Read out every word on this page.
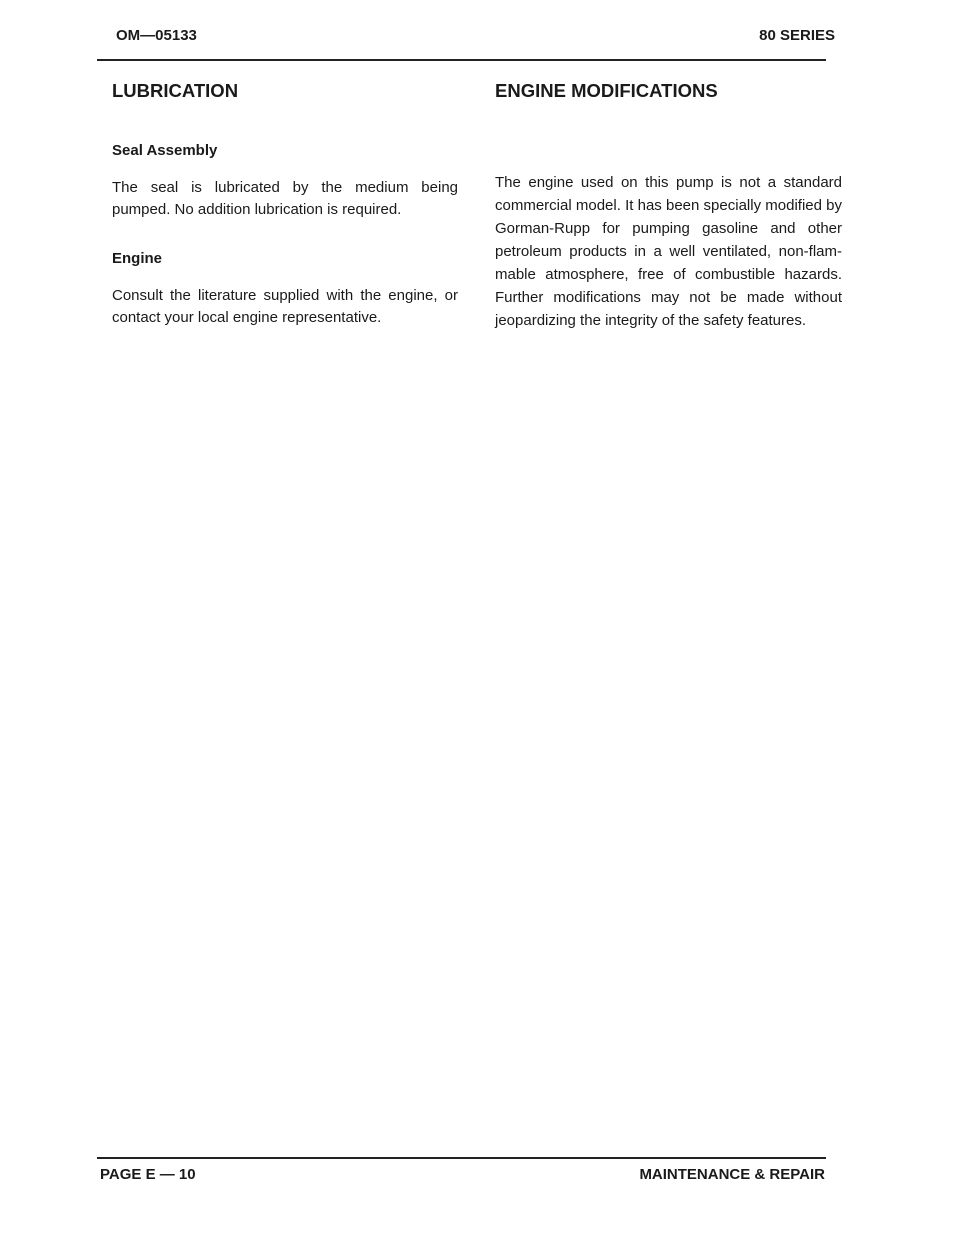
OM—05133	80 SERIES
LUBRICATION
Seal Assembly

The seal is lubricated by the medium being pumped. No addition lubrication is required.

Engine

Consult the literature supplied with the engine, or contact your local engine representative.

ENGINE MODIFICATIONS

The engine used on this pump is not a standard commercial model. It has been specially modified by Gorman-Rupp for pumping gasoline and other petroleum products in a well ventilated, non-flam-mable atmosphere, free of combustible hazards. Further modifications may not be made without jeopardizing the integrity of the safety features.

PAGE E — 10	MAINTENANCE & REPAIR
